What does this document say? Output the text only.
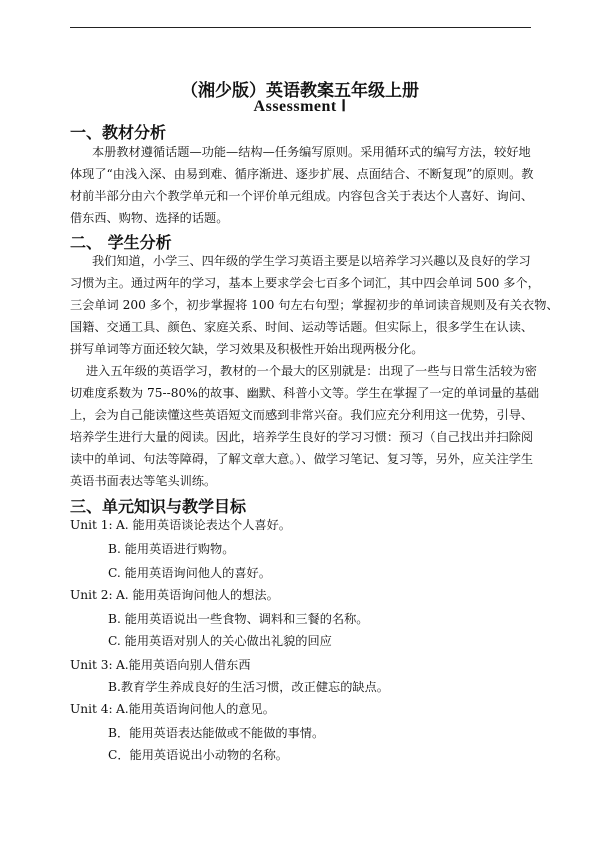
（湘少版）英语教案五年级上册
Assessment Ⅰ
一、教材分析
本册教材遵循话题—功能—结构—任务编写原则。采用循环式的编写方法，较好地
体现了“由浅入深、由易到难、循序渐进、逐步扩展、点面结合、不断复现”的原则。教
材前半部分由六个教学单元和一个评价单元组成。内容包含关于表达个人喜好、询问、
借东西、购物、选择的话题。
二、 学生分析
我们知道，小学三、四年级的学生学习英语主要是以培养学习兴趣以及良好的学习
习惯为主。通过两年的学习，基本上要求学会七百多个词汇，其中四会单词 500 多个，
三会单词 200 多个，初步掌握将 100 句左右句型；掌握初步的单词读音规则及有关衣物、
国籍、交通工具、颜色、家庭关系、时间、运动等话题。但实际上，很多学生在认读、
拼写单词等方面还较欠缺，学习效果及积极性开始出现两极分化。
进入五年级的英语学习，教材的一个最大的区别就是：出现了一些与日常生活较为密
切难度系数为 75--80%的故事、幽默、科普小文等。学生在掌握了一定的单词量的基础
上，会为自己能读懂这些英语短文而感到非常兴奋。我们应充分利用这一优势，引导、
培养学生进行大量的阅读。因此，培养学生良好的学习习惯：预习（自己找出并扫除阅
读中的单词、句法等障碍，了解文章大意。）、做学习笔记、复习等，另外，应关注学生
英语书面表达等笔头训练。
三、单元知识与教学目标
Unit 1: A. 能用英语谈论表达个人喜好。
B. 能用英语进行购物。
C. 能用英语询问他人的喜好。
Unit 2: A. 能用英语询问他人的想法。
B. 能用英语说出一些食物、调料和三餐的名称。
C. 能用英语对别人的关心做出礼貌的回应
Unit 3: A.能用英语向别人借东西
B.教育学生养成良好的生活习惯，改正健忘的缺点。
Unit 4: A.能用英语询问他人的意见。
B．能用英语表达能做或不能做的事情。
C．能用英语说出小动物的名称。
